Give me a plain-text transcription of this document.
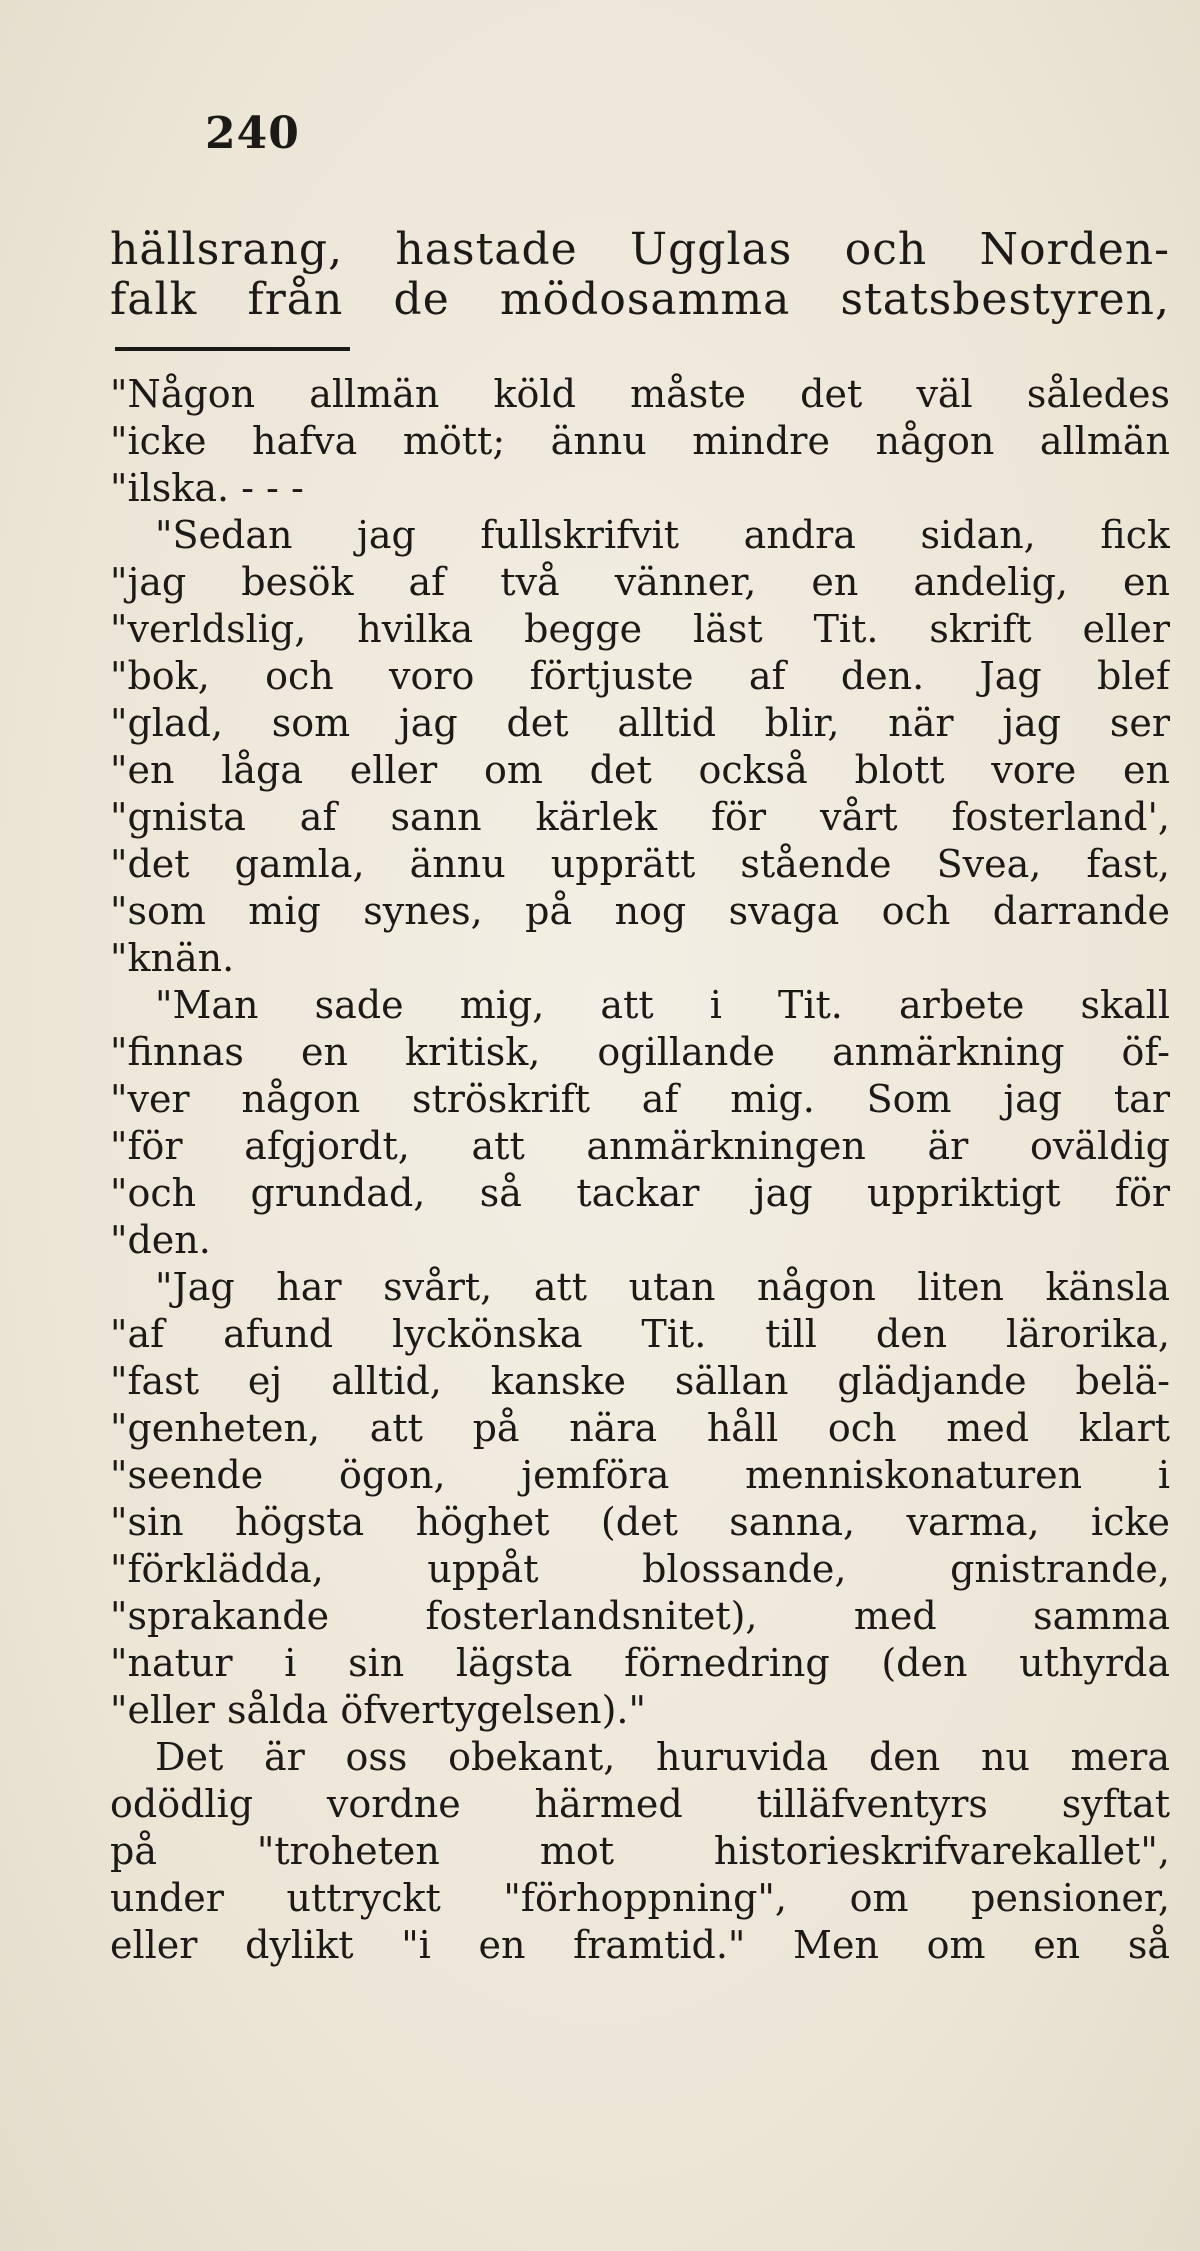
240
hällsrang, hastade Ugglas och Norden-
falk från de mödosamma statsbestyren,
"Någon allmän köld måste det väl således
"icke hafva mött; ännu mindre någon allmän
"ilska. - - -
"Sedan jag fullskrifvit andra sidan, fick
"jag besök af två vänner, en andelig, en
"verldslig, hvilka begge läst Tit. skrift eller
"bok, och voro förtjuste af den. Jag blef
"glad, som jag det alltid blir, när jag ser
"en låga eller om det också blott vore en
"gnista af sann kärlek för vårt fosterland',
"det gamla, ännu upprätt stående Svea, fast,
"som mig synes, på nog svaga och darrande
"knän.
"Man sade mig, att i Tit. arbete skall
"finnas en kritisk, ogillande anmärkning öf-
"ver någon ströskrift af mig. Som jag tar
"för afgjordt, att anmärkningen är oväldig
"och grundad, så tackar jag uppriktigt för
"den.
"Jag har svårt, att utan någon liten känsla
"af afund lyckönska Tit. till den lärorika,
"fast ej alltid, kanske sällan glädjande belä-
"genheten, att på nära håll och med klart
"seende ögon, jemföra menniskonaturen i
"sin högsta höghet (det sanna, varma, icke
"förklädda, uppåt blossande, gnistrande,
"sprakande fosterlandsnitet), med samma
"natur i sin lägsta förnedring (den uthyrda
"eller sålda öfvertygelsen)."
Det är oss obekant, huruvida den nu mera
odödlig vordne härmed tilläfventyrs syftat
på "troheten mot historieskrifvarekallet",
under uttryckt "förhoppning", om pensioner,
eller dylikt "i en framtid." Men om en så
